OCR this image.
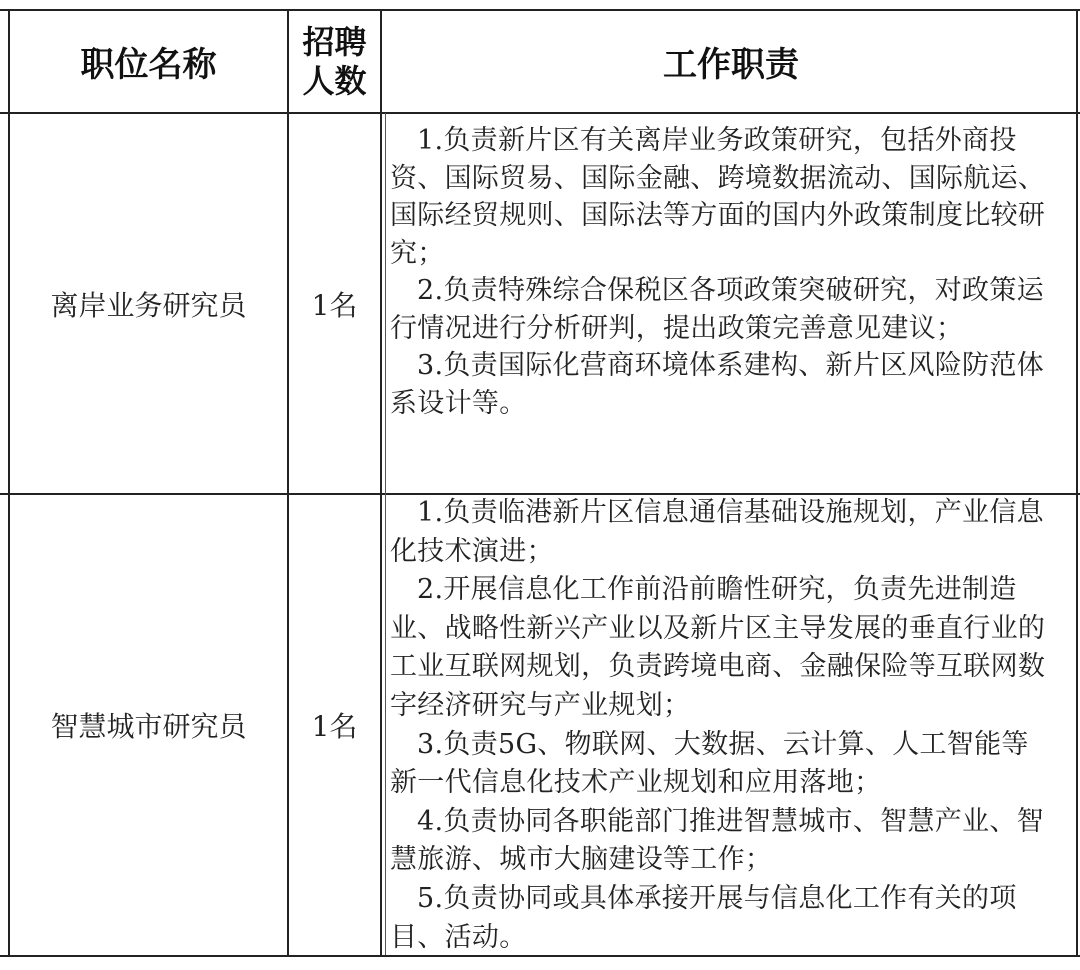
职位名称
招聘
人数	工作职责
离岸业务研究员 1名

1.负责新片区有关离岸业务政策研究，包括外商投资、国际贸易、国际金融、跨境数据流动、国际航运、国际经贸规则、国际法等方面的国内外政策制度比较研究；

2.负责特殊综合保税区各项政策突破研究，对政策运行情况进行分析研判，提出政策完善意见建议；

3.负责国际化营商环境体系建构、新片区风险防范体系设计等。

智慧城市研究员 1名

1.负责临港新片区信息通信基础设施规划，产业信息化技术演进；

2.开展信息化工作前沿前瞻性研究，负责先进制造业、战略性新兴产业以及新片区主导发展的垂直行业的工业互联网规划，负责跨境电商、金融保险等互联网数字经济研究与产业规划；

3.负责5G、物联网、大数据、云计算、人工智能等新一代信息化技术产业规划和应用落地；

4.负责协同各职能部门推进智慧城市、智慧产业、智慧旅游、城市大脑建设等工作；

5.负责协同或具体承接开展与信息化工作有关的项目、活动。
